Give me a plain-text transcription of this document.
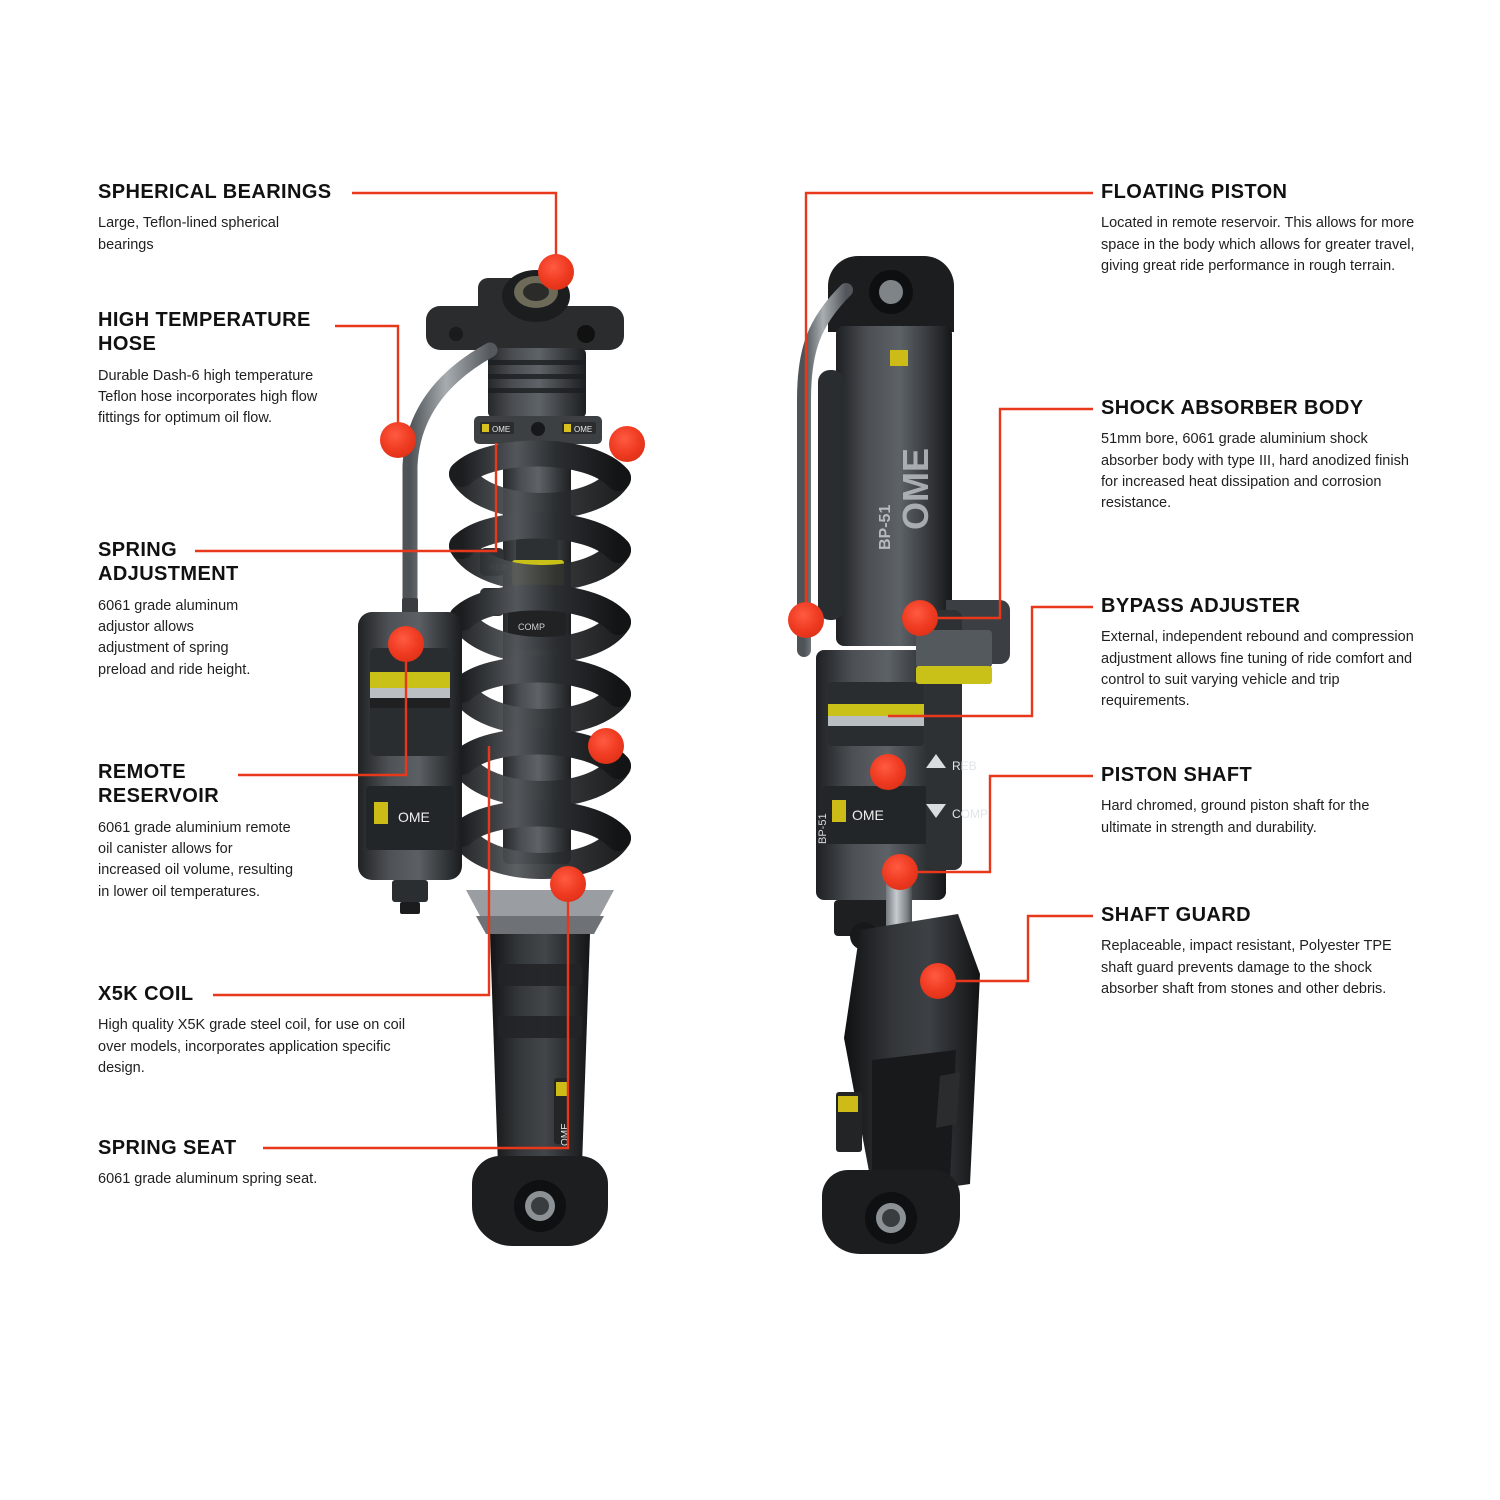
OME	OME
COMP
REB
OME
OME
OME
BP-51
OME
BP-51
REB
COMP
SPHERICAL BEARINGS
Large, Teflon-lined spherical bearings
HIGH TEMPERATURE HOSE
Durable Dash-6 high temperature Teflon hose incorporates high flow fittings for optimum oil flow.
SPRING ADJUSTMENT
6061 grade aluminum adjustor allows adjustment of spring preload and ride height.
REMOTE RESERVOIR
6061 grade aluminium remote oil canister allows for increased oil volume, resulting in lower oil temperatures.
X5K COIL
High quality X5K grade steel coil, for use on coil over models, incorporates application specific design.
SPRING SEAT
6061 grade aluminum spring seat.
FLOATING PISTON
Located in remote reservoir. This allows for more space in the body which allows for greater travel, giving great ride performance in rough terrain.
SHOCK ABSORBER BODY
51mm bore, 6061 grade aluminium shock absorber body with type III, hard anodized finish for increased heat dissipation and corrosion resistance.
BYPASS ADJUSTER
External, independent rebound and compression adjustment allows fine tuning of ride comfort and control to suit varying vehicle and trip requirements.
PISTON SHAFT
Hard chromed, ground piston shaft for the ultimate in strength and durability.
SHAFT GUARD
Replaceable, impact resistant, Polyester TPE shaft guard prevents damage to the shock absorber shaft from stones and other debris.
